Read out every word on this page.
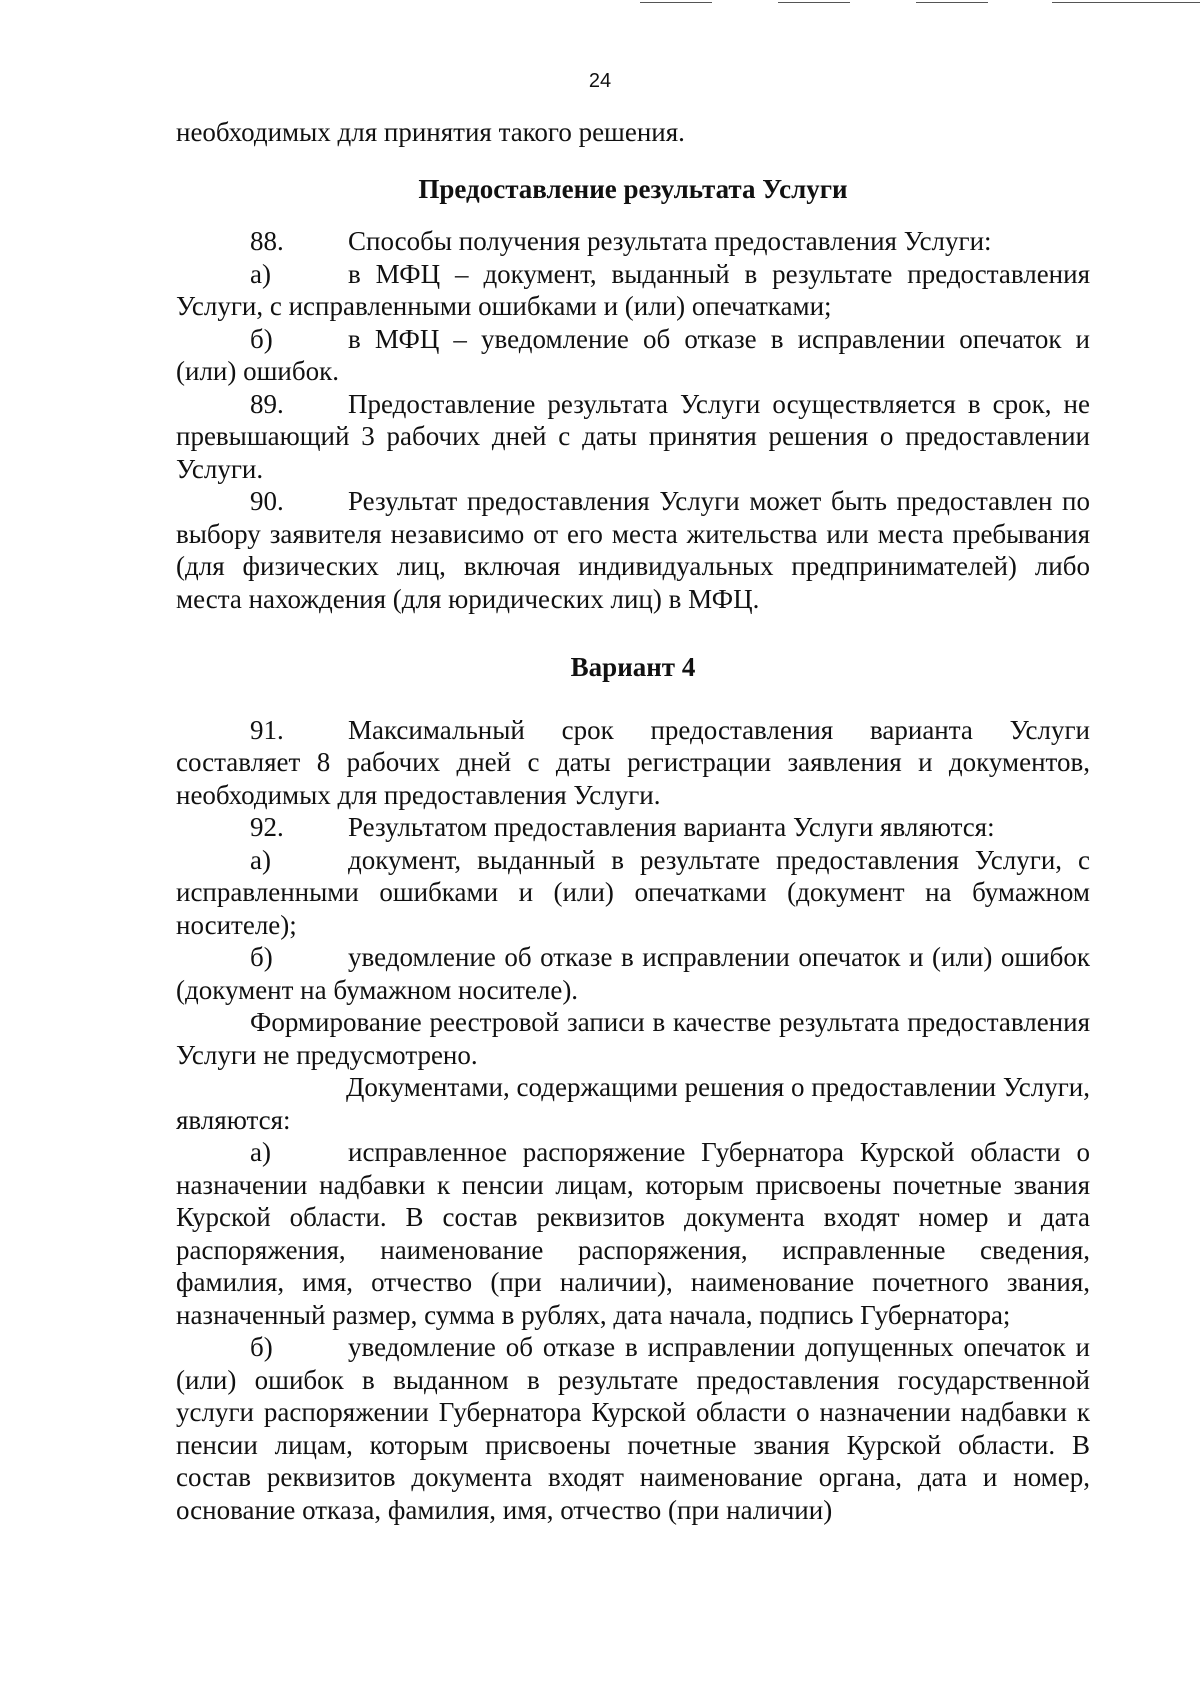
24

необходимых для принятия такого решения.

Предоставление результата Услуги

88. Способы получения результата предоставления Услуги:

а)	в МФЦ – документ, выданный в результате предоставления Услуги, с исправленными ошибками и (или) опечатками;

б)	в МФЦ – уведомление об отказе в исправлении опечаток и (или) ошибок.

89. Предоставление результата Услуги осуществляется в срок, не превышающий 3 рабочих дней с даты принятия решения о предоставлении Услуги.

90. Результат предоставления Услуги может быть предоставлен по выбору заявителя независимо от его места жительства или места пребывания (для физических лиц, включая индивидуальных предпринимателей) либо места нахождения (для юридических лиц) в МФЦ.

Вариант 4

91. Максимальный срок предоставления варианта Услуги составляет 8 рабочих дней с даты регистрации заявления и документов, необходимых для предоставления Услуги.

92. Результатом предоставления варианта Услуги являются:

а)	документ, выданный в результате предоставления Услуги, с исправленными ошибками и (или) опечатками (документ на бумажном носителе);

б)	уведомление об отказе в исправлении опечаток и (или) ошибок (документ на бумажном носителе).

Формирование реестровой записи в качестве результата предоставления Услуги не предусмотрено.

Документами, содержащими решения о предоставлении Услуги, являются:

а)	исправленное распоряжение Губернатора Курской области о назначении надбавки к пенсии лицам, которым присвоены почетные звания Курской области. В состав реквизитов документа входят номер и дата распоряжения, наименование распоряжения, исправленные сведения, фамилия, имя, отчество (при наличии), наименование почетного звания, назначенный размер, сумма в рублях, дата начала, подпись Губернатора;

б)	уведомление об отказе в исправлении допущенных опечаток и (или) ошибок в выданном в результате предоставления государственной услуги распоряжении Губернатора Курской области о назначении надбавки к пенсии лицам, которым присвоены почетные звания Курской области. В состав реквизитов документа входят наименование органа, дата и номер, основание отказа, фамилия, имя, отчество (при наличии)
